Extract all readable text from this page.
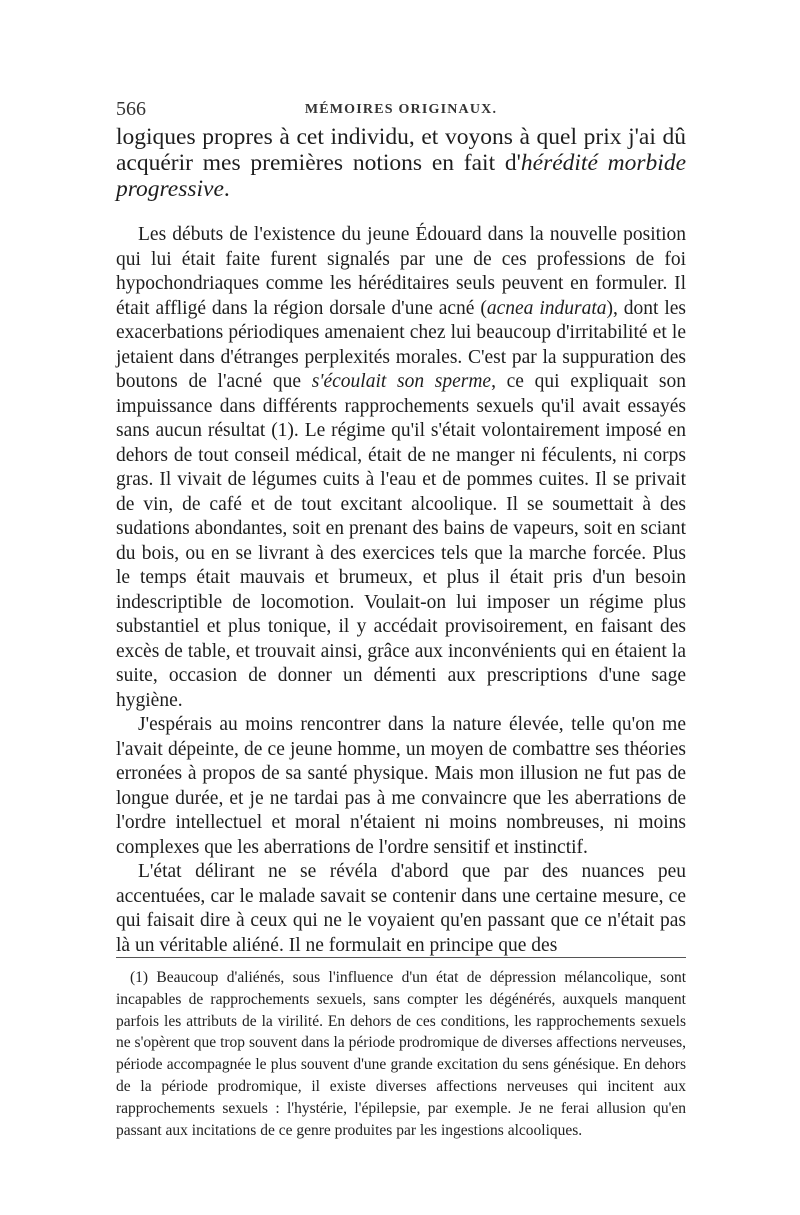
566	MÉMOIRES ORIGINAUX.
logiques propres à cet individu, et voyons à quel prix j'ai dû acquérir mes premières notions en fait d'hérédité morbide progressive.

Les débuts de l'existence du jeune Édouard dans la nouvelle position qui lui était faite furent signalés par une de ces professions de foi hypochondriaques comme les héréditaires seuls peuvent en formuler. Il était affligé dans la région dorsale d'une acné (acnea indurata), dont les exacerbations périodiques amenaient chez lui beaucoup d'irritabilité et le jetaient dans d'étranges perplexités morales. C'est par la suppuration des boutons de l'acné que s'écoulait son sperme, ce qui expliquait son impuissance dans différents rapprochements sexuels qu'il avait essayés sans aucun résultat (1). Le régime qu'il s'était volontairement imposé en dehors de tout conseil médical, était de ne manger ni féculents, ni corps gras. Il vivait de légumes cuits à l'eau et de pommes cuites. Il se privait de vin, de café et de tout excitant alcoolique. Il se soumettait à des sudations abondantes, soit en prenant des bains de vapeurs, soit en sciant du bois, ou en se livrant à des exercices tels que la marche forcée. Plus le temps était mauvais et brumeux, et plus il était pris d'un besoin indescriptible de locomotion. Voulait-on lui imposer un régime plus substantiel et plus tonique, il y accédait provisoirement, en faisant des excès de table, et trouvait ainsi, grâce aux inconvénients qui en étaient la suite, occasion de donner un démenti aux prescriptions d'une sage hygiène.

J'espérais au moins rencontrer dans la nature élevée, telle qu'on me l'avait dépeinte, de ce jeune homme, un moyen de combattre ses théories erronées à propos de sa santé physique. Mais mon illusion ne fut pas de longue durée, et je ne tardai pas à me convaincre que les aberrations de l'ordre intellectuel et moral n'étaient ni moins nombreuses, ni moins complexes que les aberrations de l'ordre sensitif et instinctif.

L'état délirant ne se révéla d'abord que par des nuances peu accentuées, car le malade savait se contenir dans une certaine mesure, ce qui faisait dire à ceux qui ne le voyaient qu'en passant que ce n'était pas là un véritable aliéné. Il ne formulait en principe que des

(1) Beaucoup d'aliénés, sous l'influence d'un état de dépression mélancolique, sont incapables de rapprochements sexuels, sans compter les dégénérés, auxquels manquent parfois les attributs de la virilité. En dehors de ces conditions, les rapprochements sexuels ne s'opèrent que trop souvent dans la période prodromique de diverses affections nerveuses, période accompagnée le plus souvent d'une grande excitation du sens génésique. En dehors de la période prodromique, il existe diverses affections nerveuses qui incitent aux rapprochements sexuels : l'hystérie, l'épilepsie, par exemple. Je ne ferai allusion qu'en passant aux incitations de ce genre produites par les ingestions alcooliques.
